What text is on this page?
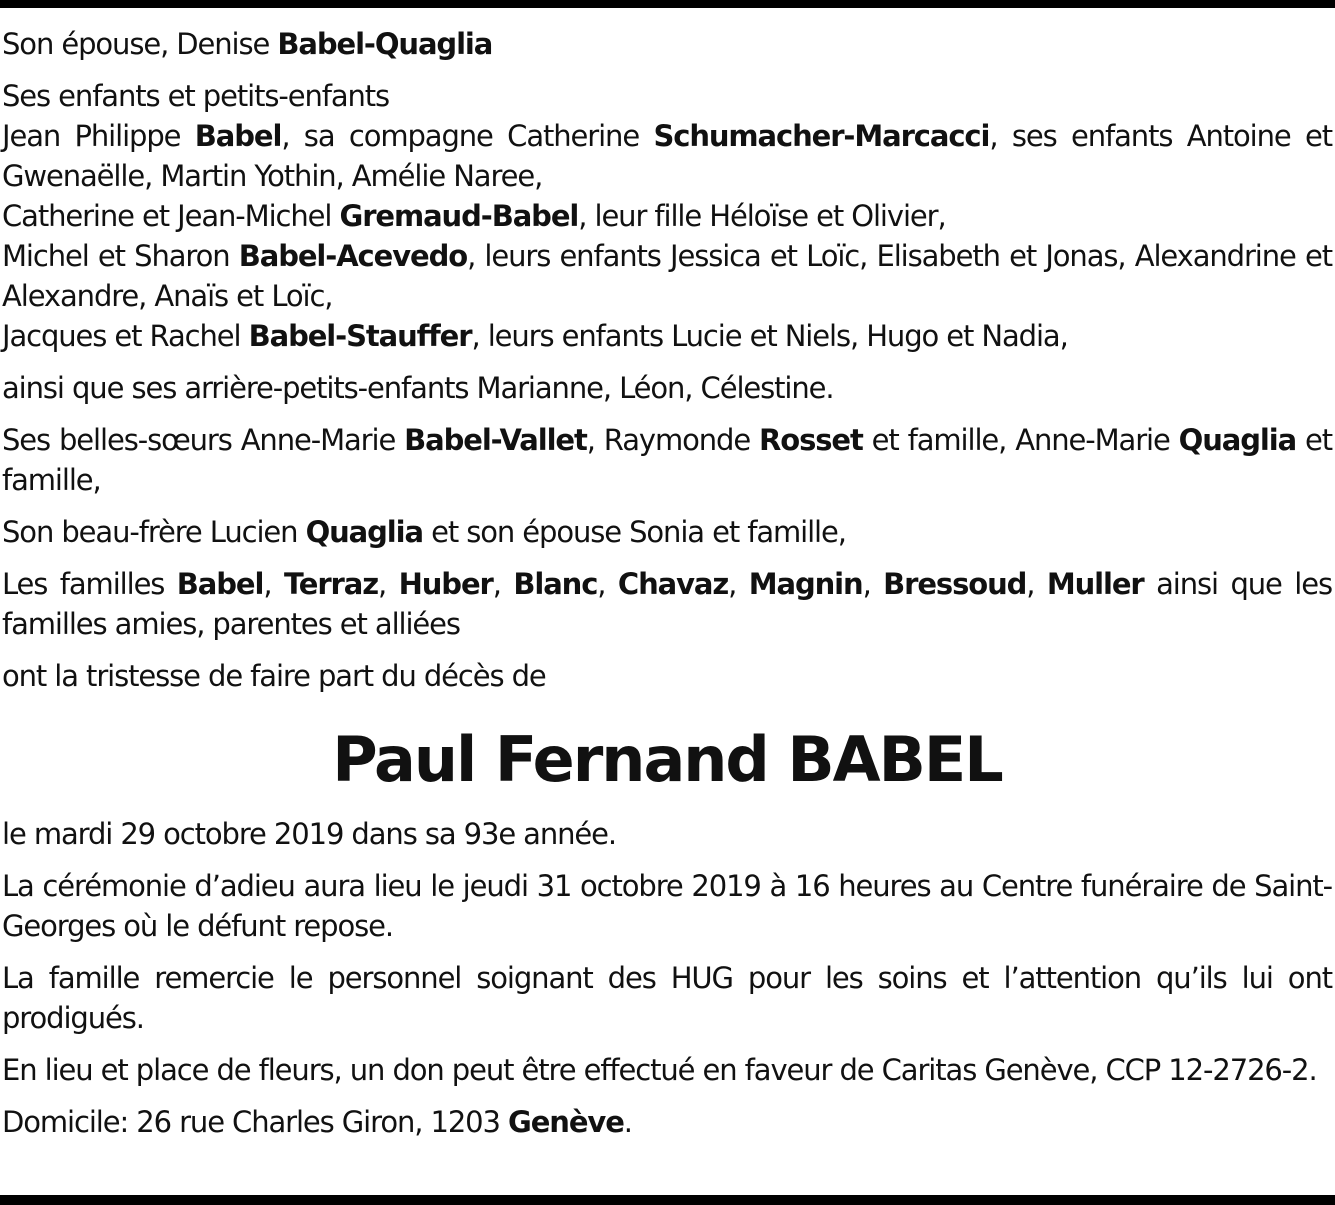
Son épouse, Denise Babel-Quaglia

Ses enfants et petits-enfants
Jean Philippe Babel, sa compagne Catherine Schumacher-Marcacci, ses enfants Antoine et Gwenaëlle, Martin Yothin, Amélie Naree,
Catherine et Jean-Michel Gremaud-Babel, leur fille Héloïse et Olivier,
Michel et Sharon Babel-Acevedo, leurs enfants Jessica et Loïc, Elisabeth et Jonas, Alexandrine et Alexandre, Anaïs et Loïc,
Jacques et Rachel Babel-Stauffer, leurs enfants Lucie et Niels, Hugo et Nadia,

ainsi que ses arrière-petits-enfants Marianne, Léon, Célestine.

Ses belles-sœurs Anne-Marie Babel-Vallet, Raymonde Rosset et famille, Anne-Marie Quaglia et famille,

Son beau-frère Lucien Quaglia et son épouse Sonia et famille,

Les familles Babel, Terraz, Huber, Blanc, Chavaz, Magnin, Bressoud, Muller ainsi que les familles amies, parentes et alliées

ont la tristesse de faire part du décès de

Paul Fernand BABEL

le mardi 29 octobre 2019 dans sa 93e année.

La cérémonie d’adieu aura lieu le jeudi 31 octobre 2019 à 16 heures au Centre funéraire de Saint-Georges où le défunt repose.

La famille remercie le personnel soignant des HUG pour les soins et l’attention qu’ils lui ont prodigués.

En lieu et place de fleurs, un don peut être effectué en faveur de Caritas Genève, CCP 12-2726-2.

Domicile: 26 rue Charles Giron, 1203 Genève.
